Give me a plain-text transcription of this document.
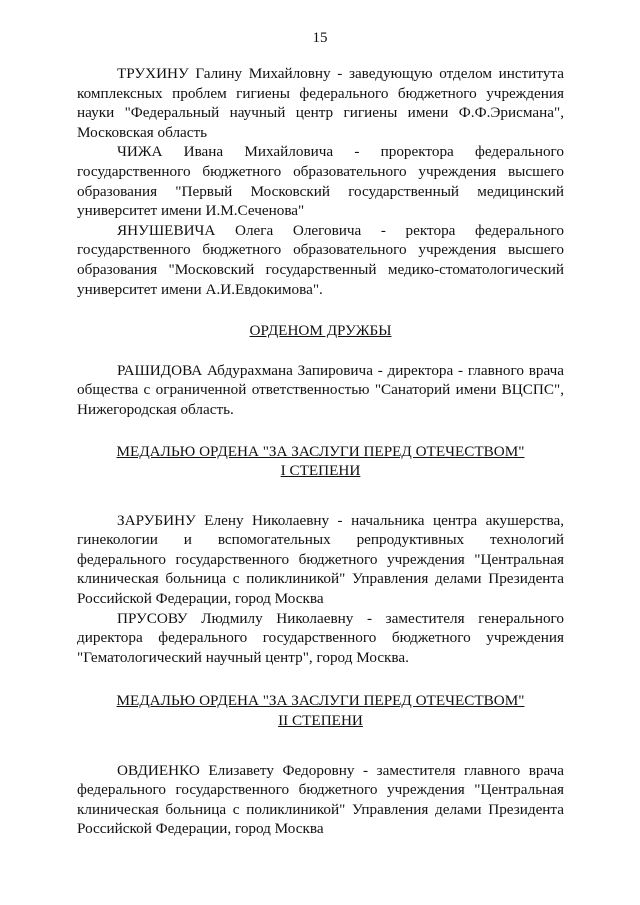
15

ТРУХИНУ Галину Михайловну - заведующую отделом института комплексных проблем гигиены федерального бюджетного учреждения науки "Федеральный научный центр гигиены имени Ф.Ф.Эрисмана", Московская область

ЧИЖА Ивана Михайловича - проректора федерального государственного бюджетного образовательного учреждения высшего образования "Первый Московский государственный медицинский университет имени И.М.Сеченова"

ЯНУШЕВИЧА Олега Олеговича - ректора федерального государственного бюджетного образовательного учреждения высшего образования "Московский государственный медико-стоматологический университет имени А.И.Евдокимова".

ОРДЕНОМ ДРУЖБЫ

РАШИДОВА Абдурахмана Запировича - директора - главного врача общества с ограниченной ответственностью "Санаторий имени ВЦСПС", Нижегородская область.

МЕДАЛЬЮ ОРДЕНА "ЗА ЗАСЛУГИ ПЕРЕД ОТЕЧЕСТВОМ"
I СТЕПЕНИ

ЗАРУБИНУ Елену Николаевну - начальника центра акушерства, гинекологии и вспомогательных репродуктивных технологий федерального государственного бюджетного учреждения "Центральная клиническая больница с поликлиникой" Управления делами Президента Российской Федерации, город Москва

ПРУСОВУ Людмилу Николаевну - заместителя генерального директора федерального государственного бюджетного учреждения "Гематологический научный центр", город Москва.

МЕДАЛЬЮ ОРДЕНА "ЗА ЗАСЛУГИ ПЕРЕД ОТЕЧЕСТВОМ"
II СТЕПЕНИ

ОВДИЕНКО Елизавету Федоровну - заместителя главного врача федерального государственного бюджетного учреждения "Центральная клиническая больница с поликлиникой" Управления делами Президента Российской Федерации, город Москва
